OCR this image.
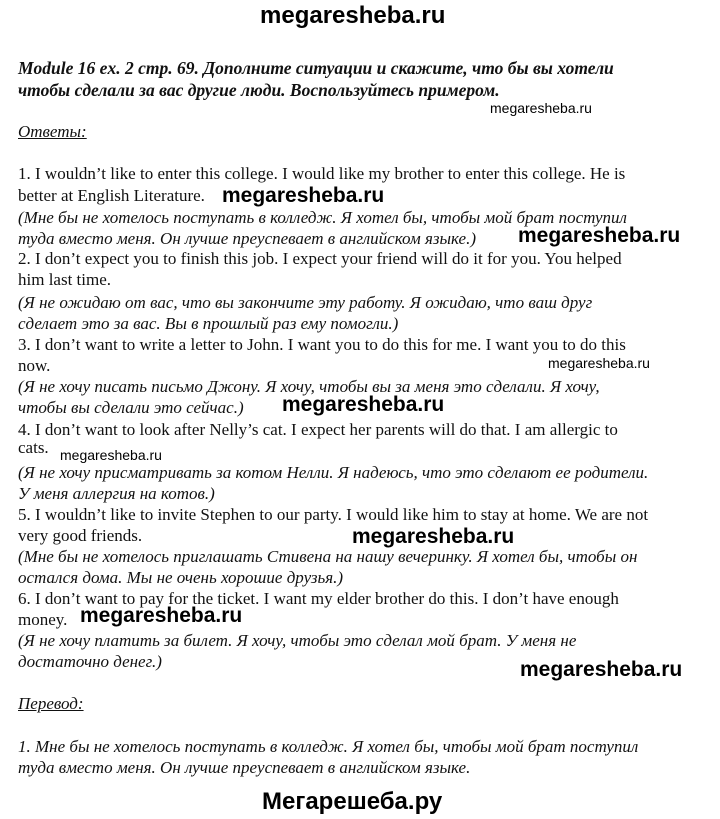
megaresheba.ru
Module 16 ex. 2 стр. 69. Дополните ситуации и скажите, что бы вы хотели
чтобы сделали за вас другие люди. Воспользуйтесь примером.
megaresheba.ru
Ответы:
1. I wouldn’t like to enter this college. I would like my brother to enter this college. He is
better at English Literature. megaresheba.ru
(Мне бы не хотелось поступать в колледж. Я хотел бы, чтобы мой брат поступил
туда вместо меня. Он лучше преуспевает в английском языке.) megaresheba.ru
2. I don’t expect you to finish this job. I expect your friend will do it for you. You helped
him last time.
(Я не ожидаю от вас, что вы закончите эту работу. Я ожидаю, что ваш друг
сделает это за вас. Вы в прошлый раз ему помогли.)
3. I don’t want to write a letter to John. I want you to do this for me. I want you to do this
now.	megaresheba.ru
(Я не хочу писать письмо Джону. Я хочу, чтобы вы за меня это сделали. Я хочу,
чтобы вы сделали это сейчас.) megaresheba.ru
4. I don’t want to look after Nelly’s cat. I expect her parents will do that. I am allergic to
megaresheba.ru
cats.
(Я не хочу присматривать за котом Нелли. Я надеюсь, что это сделают ее родители.
У меня аллергия на котов.)
5. I wouldn’t like to invite Stephen to our party. I would like him to stay at home. We are not
very good friends.	megaresheba.ru
(Мне бы не хотелось приглашать Стивена на нашу вечеринку. Я хотел бы, чтобы он
остался дома. Мы не очень хорошие друзья.)
6. I don’t want to pay for the ticket. I want my elder brother do this. I don’t have enough
money. megaresheba.ru
(Я не хочу платить за билет. Я хочу, чтобы это сделал мой брат. У меня не
достаточно денег.)	megaresheba.ru
Перевод:
1. Мне бы не хотелось поступать в колледж. Я хотел бы, чтобы мой брат поступил
туда вместо меня. Он лучше преуспевает в английском языке.
Мегарешеба.ру
